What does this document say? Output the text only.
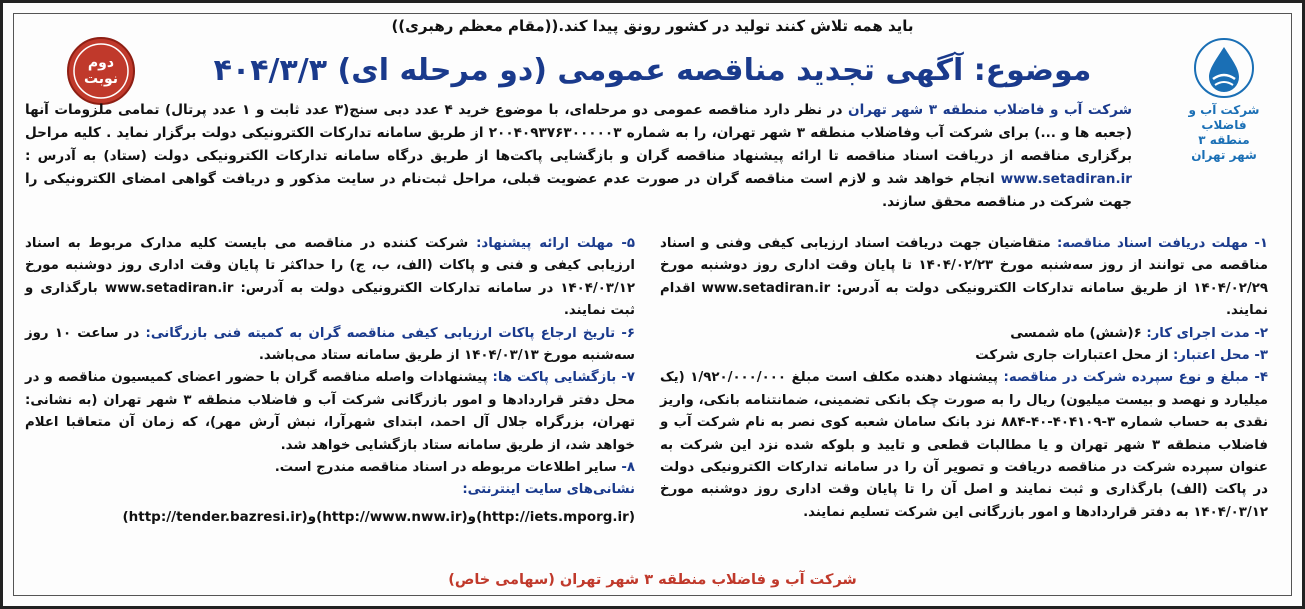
باید همه تلاش کنند تولید در کشور رونق پیدا کند.((مقام معظم رهبری))
موضوع: آگهی تجدید مناقصه عمومی (دو مرحله ای) ۴۰۴/۳/۳
دوم نوبت
شرکت آب و فاضلاب
منطقه ۳
شهر تهران
شرکت آب و فاضلاب منطقه ۳ شهر تهران در نظر دارد مناقصه عمومی دو مرحله‌ای، با موضوع خرید ۴ عدد دبی سنج(۳ عدد ثابت و ۱ عدد پرتال) تمامی ملزومات آنها (جعبه ها و ...) برای شرکت آب وفاضلاب منطقه ۳ شهر تهران، را به شماره ۲۰۰۴۰۹۳۷۶۳۰۰۰۰۰۳ از طریق سامانه تدارکات الکترونیکی دولت برگزار نماید . کلیه مراحل برگزاری مناقصه از دریافت اسناد مناقصه تا ارائه پیشنهاد مناقصه گران و بازگشایی پاکت‌ها از طریق درگاه سامانه تدارکات الکترونیکی دولت (ستاد) به آدرس : www.setadiran.ir انجام خواهد شد و لازم است مناقصه گران در صورت عدم عضویت قبلی، مراحل ثبت‌نام در سایت مذکور و دریافت گواهی امضای الکترونیکی را جهت شرکت در مناقصه محقق سازند.

۱- مهلت دریافت اسناد مناقصه: متقاضیان جهت دریافت اسناد ارزیابی کیفی وفنی و اسناد مناقصه می توانند از روز سه‌شنبه مورخ ۱۴۰۴/۰۲/۲۳ تا پایان وقت اداری روز دوشنبه مورخ ۱۴۰۴/۰۲/۲۹ از طریق سامانه تدارکات الکترونیکی دولت به آدرس: www.setadiran.ir اقدام نمایند.

۲- مدت اجرای کار: ۶(شش) ماه شمسی

۳- محل اعتبار: از محل اعتبارات جاری شرکت

۴- مبلغ و نوع سپرده شرکت در مناقصه: پیشنهاد دهنده مکلف است مبلغ ۱/۹۲۰/۰۰۰/۰۰۰ (یک میلیارد و نهصد و بیست میلیون) ریال را به صورت چک بانکی تضمینی، ضمانتنامه بانکی، واریز نقدی به حساب شماره ۳-۴۰۴۱۰۹-۴۰-۸۸۴ نزد بانک سامان شعبه کوی نصر به نام شرکت آب و فاضلاب منطقه ۳ شهر تهران و یا مطالبات قطعی و تایید و بلوکه شده نزد این شرکت به عنوان سپرده شرکت در مناقصه دریافت و تصویر آن را در سامانه تدارکات الکترونیکی دولت در پاکت (الف) بارگذاری و ثبت نمایند و اصل آن را تا پایان وقت اداری روز دوشنبه مورخ ۱۴۰۴/۰۳/۱۲ به دفتر قراردادها و امور بازرگانی این شرکت تسلیم نمایند.

۵- مهلت ارائه پیشنهاد: شرکت کننده در مناقصه می بایست کلیه مدارک مربوط به اسناد ارزیابی کیفی و فنی و پاکات (الف، ب، ج) را حداکثر تا پایان وقت اداری روز دوشنبه مورخ ۱۴۰۴/۰۳/۱۲ در سامانه تدارکات الکترونیکی دولت به آدرس: www.setadiran.ir بارگذاری و ثبت نمایند.

۶- تاریخ ارجاع پاکات ارزیابی کیفی مناقصه گران به کمیته فنی بازرگانی: در ساعت ۱۰ روز سه‌شنبه مورخ ۱۴۰۴/۰۳/۱۳ از طریق سامانه ستاد می‌باشد.

۷- بازگشایی پاکت ها: پیشنهادات واصله مناقصه گران با حضور اعضای کمیسیون مناقصه و در محل دفتر قراردادها و امور بازرگانی شرکت آب و فاضلاب منطقه ۳ شهر تهران (به نشانی: تهران، بزرگراه جلال آل احمد، ابتدای شهرآرا، نبش آرش مهر)، که زمان آن متعاقبا اعلام خواهد شد، از طریق سامانه ستاد بازگشایی خواهد شد.

۸- سایر اطلاعات مربوطه در اسناد مناقصه مندرج است.

نشانی‌های سایت اینترنتی:

(http://tender.bazresi.ir)و(http://www.nww.ir)و(http://iets.mporg.ir)
شرکت آب و فاضلاب منطقه ۳ شهر تهران (سهامی خاص)
